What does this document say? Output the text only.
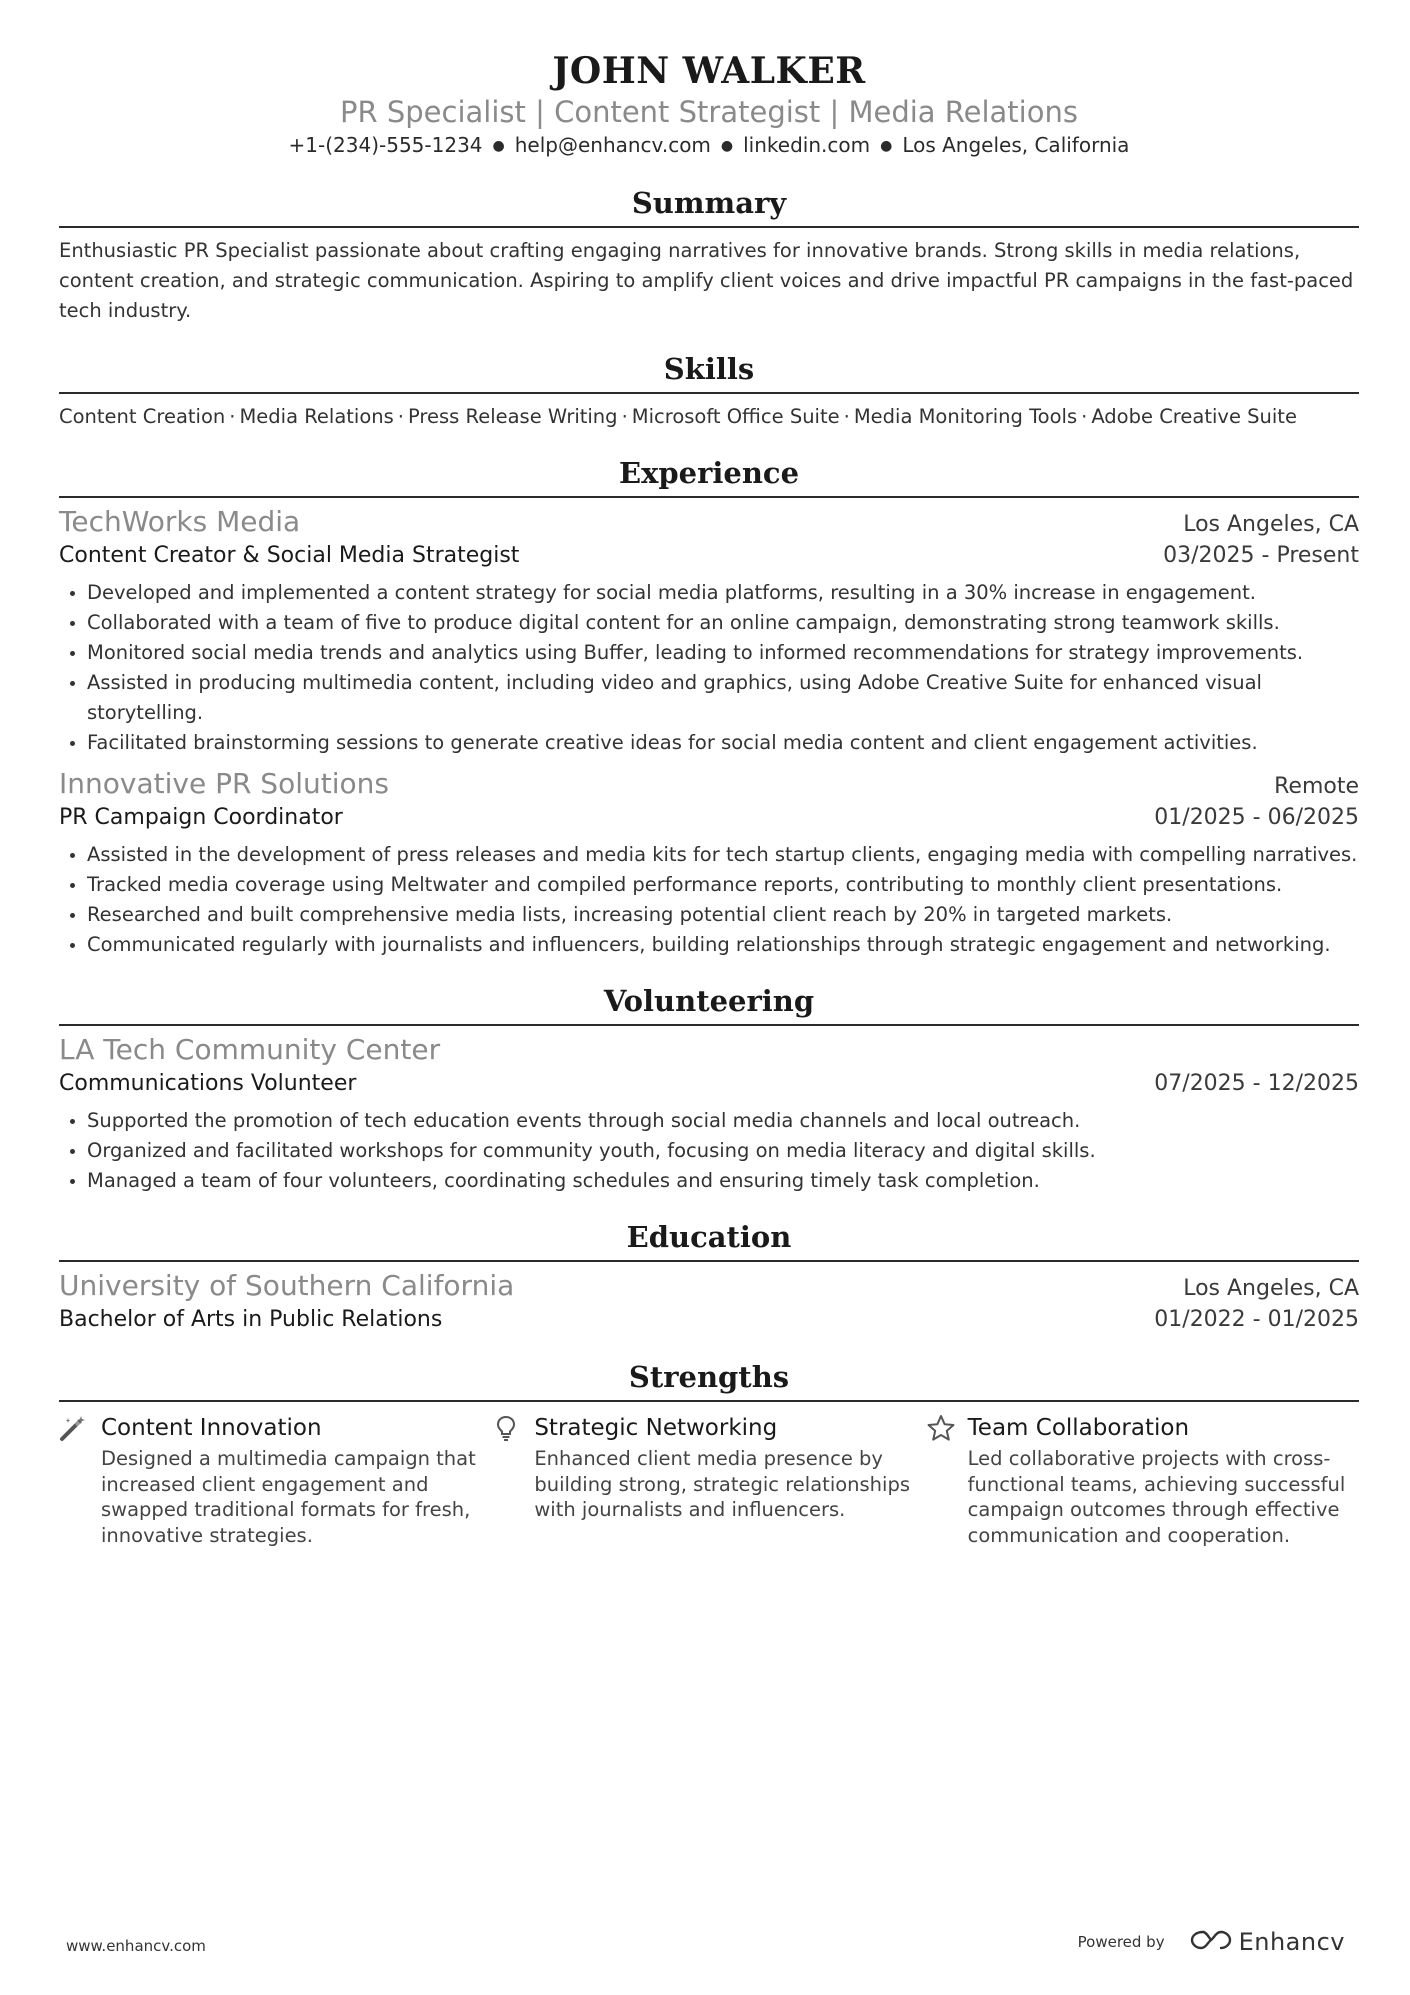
JOHN WALKER
PR Specialist | Content Strategist | Media Relations
+1-(234)-555-1234 ● help@enhancv.com ● linkedin.com ● Los Angeles, California
Summary
Enthusiastic PR Specialist passionate about crafting engaging narratives for innovative brands. Strong skills in media relations, content creation, and strategic communication. Aspiring to amplify client voices and drive impactful PR campaigns in the fast-paced tech industry.
Skills
Content Creation · Media Relations · Press Release Writing · Microsoft Office Suite · Media Monitoring Tools · Adobe Creative Suite
Experience
TechWorks Media	Los Angeles, CA
Content Creator & Social Media Strategist	03/2025 - Present
• Developed and implemented a content strategy for social media platforms, resulting in a 30% increase in engagement.
• Collaborated with a team of five to produce digital content for an online campaign, demonstrating strong teamwork skills.
• Monitored social media trends and analytics using Buffer, leading to informed recommendations for strategy improvements.
• Assisted in producing multimedia content, including video and graphics, using Adobe Creative Suite for enhanced visual storytelling.
• Facilitated brainstorming sessions to generate creative ideas for social media content and client engagement activities.
Innovative PR Solutions	Remote
PR Campaign Coordinator	01/2025 - 06/2025
• Assisted in the development of press releases and media kits for tech startup clients, engaging media with compelling narratives.
• Tracked media coverage using Meltwater and compiled performance reports, contributing to monthly client presentations.
• Researched and built comprehensive media lists, increasing potential client reach by 20% in targeted markets.
• Communicated regularly with journalists and influencers, building relationships through strategic engagement and networking.
Volunteering
LA Tech Community Center
Communications Volunteer	07/2025 - 12/2025
• Supported the promotion of tech education events through social media channels and local outreach.
• Organized and facilitated workshops for community youth, focusing on media literacy and digital skills.
• Managed a team of four volunteers, coordinating schedules and ensuring timely task completion.
Education
University of Southern California	Los Angeles, CA
Bachelor of Arts in Public Relations	01/2022 - 01/2025
Strengths
Content Innovation
Designed a multimedia campaign that increased client engagement and swapped traditional formats for fresh, innovative strategies.
Strategic Networking
Enhanced client media presence by building strong, strategic relationships with journalists and influencers.
Team Collaboration
Led collaborative projects with cross-functional teams, achieving successful campaign outcomes through effective communication and cooperation.
www.enhancv.com	Powered by	Enhancv
